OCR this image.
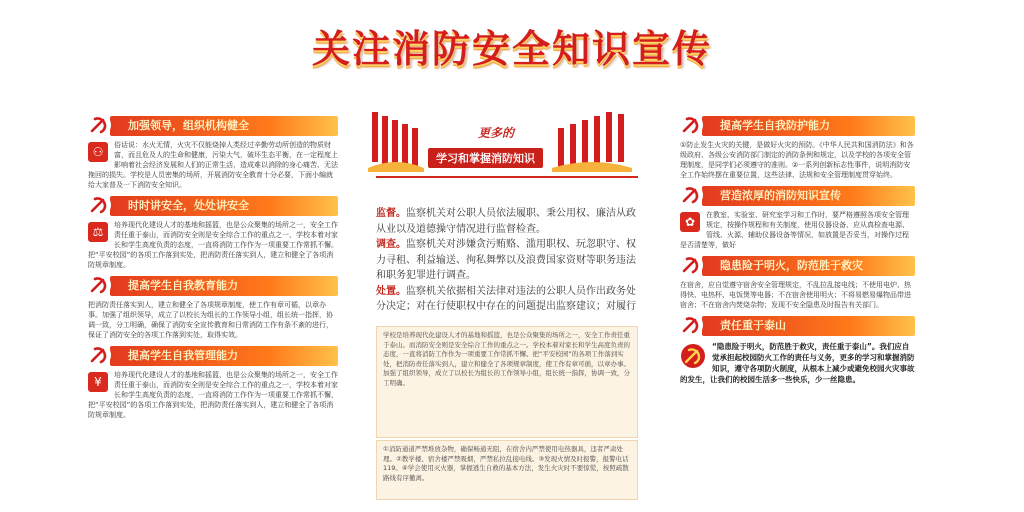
关注消防安全知识宣传
加强领导，组织机构健全
⚇	俗话说：水火无情，火灾不仅能烧掉人类经过辛勤劳动所创造的物质财富，而且危及人的生命和健康，污染大气，破坏生态平衡，在一定程度上影响着社会经济发展和人们的正常生活，造成难以消除的身心痛苦、无法挽回的损失。学校是人员密集的场所，开展消防安全教育十分必要，下面小编就给大家普及一下消防安全知识。
时时讲安全，处处讲安全
⚖	培养现代化建设人才的基地和摇篮，也是公众聚集的场所之一，安全工作责任重于泰山，而消防安全则是安全综合工作的重点之一，学校本着对家长和学生高度负责的态度，一直将消防工作作为一项重要工作常抓不懈。把“平安校园”的各项工作落到实处，把消防责任落实到人，建立和健全了各项消防规章制度。
提高学生自我教育能力
把消防责任落实到人，建立和健全了各项规章制度，使工作有章可循，以章办事。加强了组织领导，成立了以校长为组长的工作领导小组，组长统一指挥，协调一致，分工明确，确保了消防安全宣传教育和日常消防工作有条不紊的进行，保证了消防安全的各项工作落到实处，取得实效。
提高学生自我管理能力
¥	培养现代化建设人才的基地和摇篮，也是公众聚集的场所之一，安全工作责任重于泰山，而消防安全则是安全综合工作的重点之一，学校本着对家长和学生高度负责的态度，一直将消防工作作为一项重要工作常抓不懈，把“平安校园”的各项工作落到实处，把消防责任落实到人，建立和健全了各项消防规章制度。
更多的
学习和掌握消防知识
监督。监察机关对公职人员依法履职、秉公用权、廉洁从政从业以及道德操守情况进行监督检查。
调查。监察机关对涉嫌贪污贿赂、滥用职权、玩忽职守、权力寻租、利益输送、徇私舞弊以及浪费国家资财等职务违法和职务犯罪进行调查。
处置。监察机关依据相关法律对违法的公职人员作出政务处分决定；对在行使职权中存在的问题提出监察建议；对履行
学校是培养现代化建设人才的基地和摇篮，也是公众聚集的场所之一，安全工作责任重于泰山。而消防安全则是安全综合工作的重点之一。学校本着对家长和学生高度负责的态度，一直将消防工作作为一项重要工作常抓不懈。把“平安校园”的各项工作落到实处，把消防责任落实到人，建立和健全了各项规章制度，使工作有章可循，以章办事。加强了组织领导，成立了以校长为组长的工作领导小组，组长统一指挥，协调一致，分工明确。
①消防通道严禁堆放杂物，确保畅通无阻，在宿舍内严禁使用电热器具，违者严肃处理。②教学楼、宿舍楼严禁吸烟，严禁私拉乱接电线。③发现火情及时报警，报警电话119。④学会使用灭火器，掌握逃生自救的基本方法，发生火灾时不要惊慌，按照疏散路线有序撤离。
提高学生自我防护能力
①防止发生火灾的关键，是做好火灾的预防。《中华人民共和国消防法》和各级政府、各级公安消防部门制定的消防条例和规定，以及学校的各项安全管理制度，是同学们必须遵守的准则。②一系列创新标志性事件，说明消防安全工作始终摆在重要位置，这些法律、法规和安全管理制度贯穿始终。
营造浓厚的消防知识宣传
✿	在教室、实验室、研究室学习和工作时，要严格遵照各项安全管理规定，按操作规程和有关制度，使用仪器设备、应从真检查电源、管线、火源、辅助仪器设备等情况，如放置是否妥当，对操作过程是否清楚等，做好
隐患险于明火，防范胜于救灾
在宿舍，应自觉遵守宿舍安全管理规定，不乱拉乱接电线；不使用电炉、热得快、电热杯、电饭煲等电器；不在宿舍使用明火；不将易燃易爆物品带进宿舍；不在宿舍内焚烧杂物；发现不安全隐患及时报告有关部门。
责任重于泰山
“隐患险于明火，防范胜于救灾，责任重于泰山”。我们应自觉承担起校园防火工作的责任与义务，更多的学习和掌握消防知识，遵守各项防火制度，从根本上减少或避免校园火灾事故的发生，让我们的校园生活多一些快乐，少一丝隐患。
